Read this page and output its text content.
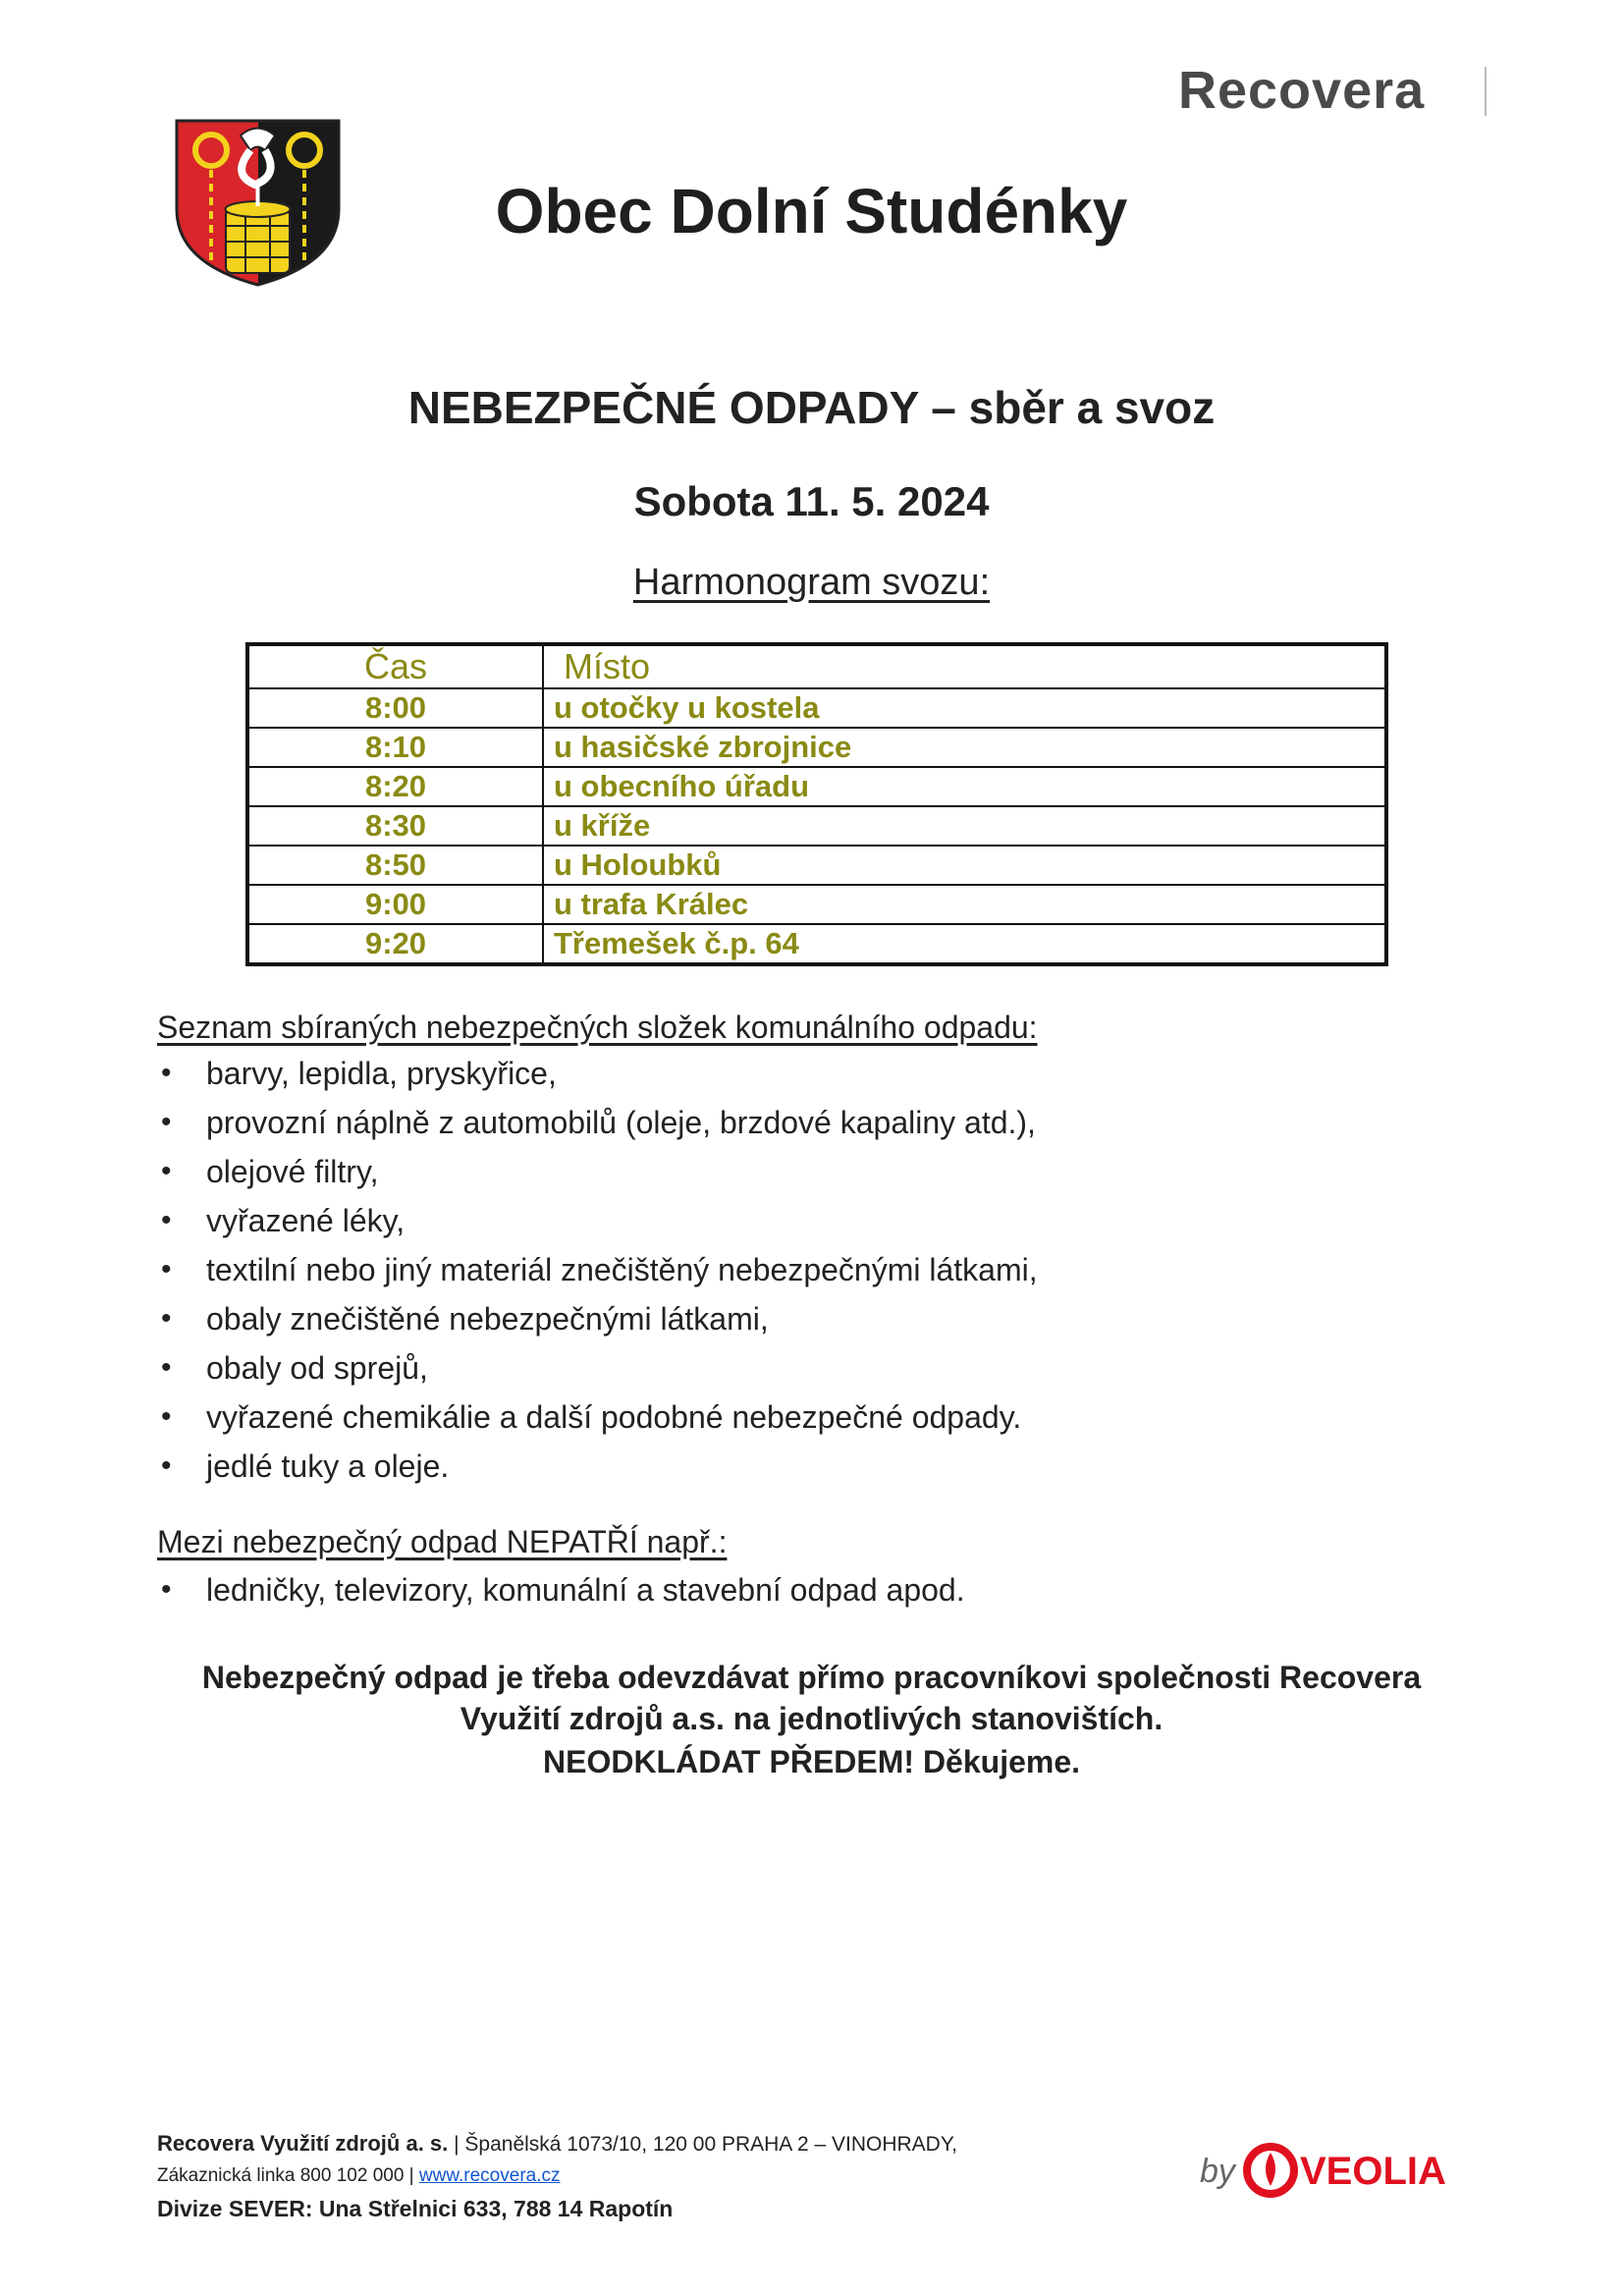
Recovera
Obec Dolní Studénky
NEBEZPEČNÉ ODPADY – sběr a svoz
Sobota 11. 5. 2024
Harmonogram svozu:
Čas	Místo
8:00	u otočky u kostela
8:10	u hasičské zbrojnice
8:20	u obecního úřadu
8:30	u kříže
8:50	u Holoubků
9:00	u trafa Králec
9:20	Třemešek č.p. 64
Seznam sbíraných nebezpečných složek komunálního odpadu:
• barvy, lepidla, pryskyřice,
• provozní náplně z automobilů (oleje, brzdové kapaliny atd.),
• olejové filtry,
• vyřazené léky,
• textilní nebo jiný materiál znečištěný nebezpečnými látkami,
• obaly znečištěné nebezpečnými látkami,
• obaly od sprejů,
• vyřazené chemikálie a další podobné nebezpečné odpady.
• jedlé tuky a oleje.
Mezi nebezpečný odpad NEPATŘÍ např.:
• ledničky, televizory, komunální a stavební odpad apod.
Nebezpečný odpad je třeba odevzdávat přímo pracovníkovi společnosti Recovera
Využití zdrojů a.s. na jednotlivých stanovištích.
NEODKLÁDAT PŘEDEM! Děkujeme.
Recovera Využití zdrojů a. s. | Španělská 1073/10, 120 00 PRAHA 2 – VINOHRADY,
Zákaznická linka 800 102 000 | www.recovera.cz
Divize SEVER: Una Střelnici 633, 788 14 Rapotín
by VEOLIA
